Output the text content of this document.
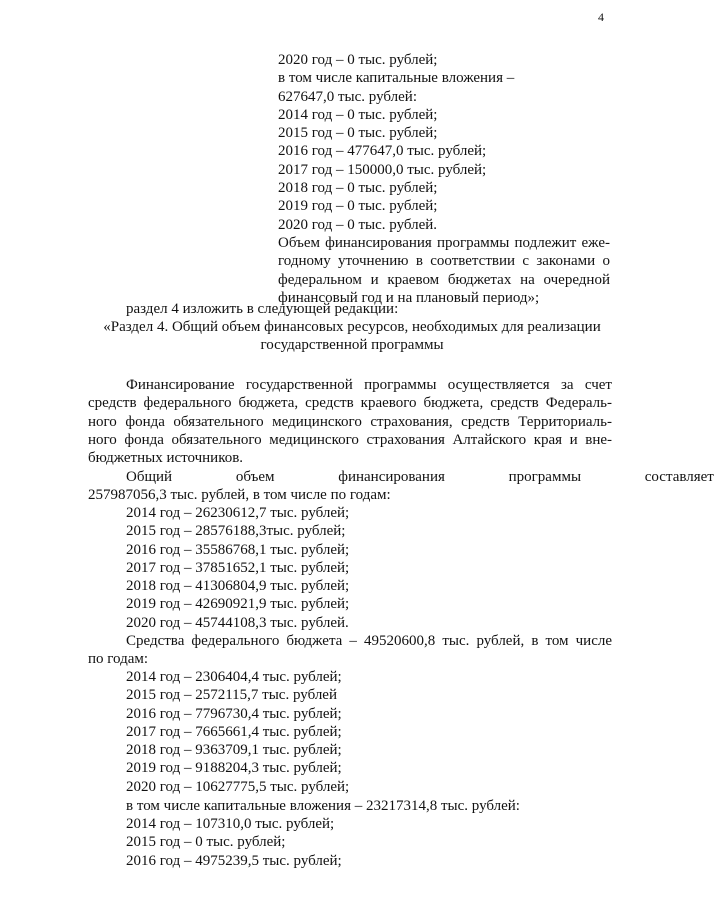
4
2020 год – 0 тыс. рублей;
в том числе капитальные вложения –
627647,0 тыс. рублей:
2014 год – 0 тыс. рублей;
2015 год – 0 тыс. рублей;
2016 год – 477647,0 тыс. рублей;
2017 год – 150000,0 тыс. рублей;
2018 год – 0 тыс. рублей;
2019 год – 0 тыс. рублей;
2020 год – 0 тыс. рублей.
Объем финансирования программы подлежит еже-
годному уточнению в соответствии с законами о
федеральном и краевом бюджетах на очередной
финансовый год и на плановый период»;
раздел 4 изложить в следующей редакции:
«Раздел 4. Общий объем финансовых ресурсов, необходимых для реализации
государственной программы
Финансирование государственной программы осуществляется за счет
средств федерального бюджета, средств краевого бюджета, средств Федераль-
ного фонда обязательного медицинского страхования, средств Территориаль-
ного фонда обязательного медицинского страхования Алтайского края и вне-
бюджетных источников.
Общий объем финансирования программы составляет
257987056,3 тыс. рублей, в том числе по годам:
2014 год – 26230612,7 тыс. рублей;
2015 год – 28576188,3тыс. рублей;
2016 год – 35586768,1 тыс. рублей;
2017 год – 37851652,1 тыс. рублей;
2018 год – 41306804,9 тыс. рублей;
2019 год – 42690921,9 тыс. рублей;
2020 год – 45744108,3 тыс. рублей.
Средства федерального бюджета – 49520600,8 тыс. рублей, в том числе
по годам:
2014 год – 2306404,4 тыс. рублей;
2015 год – 2572115,7 тыс. рублей
2016 год – 7796730,4 тыс. рублей;
2017 год – 7665661,4 тыс. рублей;
2018 год – 9363709,1 тыс. рублей;
2019 год – 9188204,3 тыс. рублей;
2020 год – 10627775,5 тыс. рублей;
в том числе капитальные вложения – 23217314,8 тыс. рублей:
2014 год – 107310,0 тыс. рублей;
2015 год – 0 тыс. рублей;
2016 год – 4975239,5 тыс. рублей;
